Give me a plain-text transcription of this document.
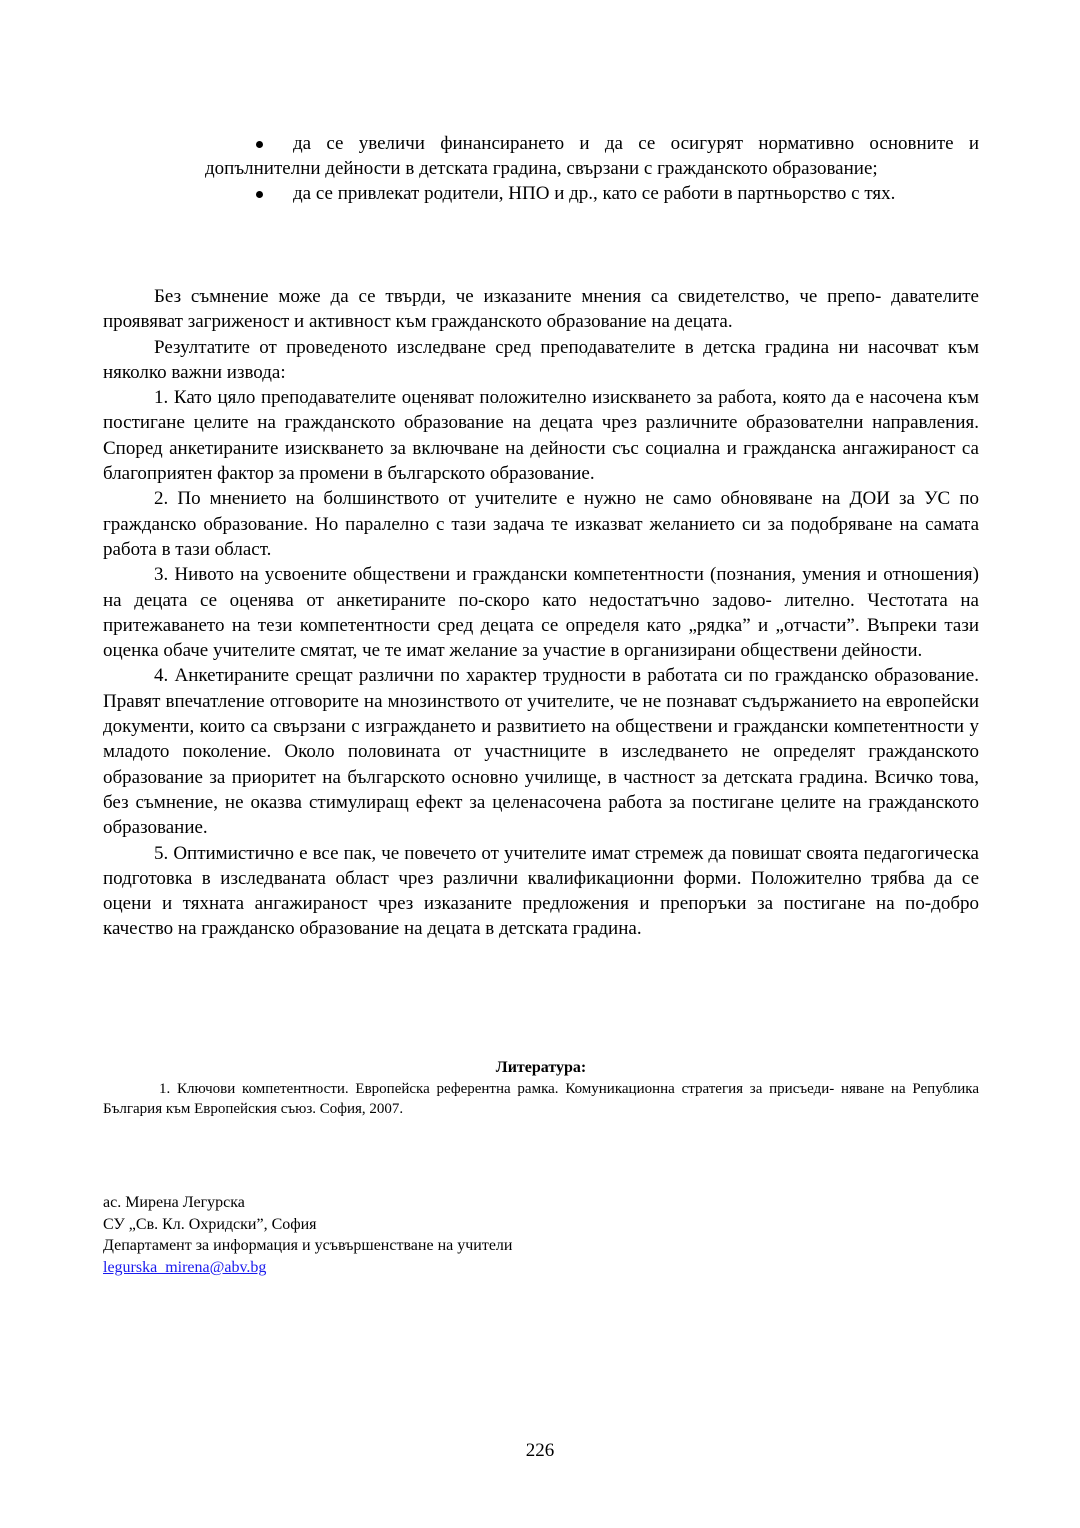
да се увеличи финансирането и да се осигурят нормативно основните и допълнителни дейности в детската градина, свързани с гражданското образование;
да се привлекат родители, НПО и др., като се работи в партньорство с тях.

Без съмнение може да се твърди, че изказаните мнения са свидетелство, че препо- давателите проявяват загриженост и активност към гражданското образование на децата.

Резултатите от проведеното изследване сред преподавателите в детска градина ни насочват към няколко важни извода:

1. Като цяло преподавателите оценяват положително изискването за работа, която да е насочена към постигане целите на гражданското образование на децата чрез различните образователни направления. Според анкетираните изискването за включване на дейности със социална и гражданска ангажираност са благоприятен фактор за промени в българското образование.

2. По мнението на болшинството от учителите е нужно не само обновяване на ДОИ за УС по гражданско образование. Но паралелно с тази задача те изказват желанието си за подобряване на самата работа в тази област.

3. Нивото на усвоените обществени и граждански компетентности (познания, умения и отношения) на децата се оценява от анкетираните по-скоро като недостатъчно задово- лително. Честотата на притежаването на тези компетентности сред децата се определя като „рядка” и „отчасти”. Въпреки тази оценка обаче учителите смятат, че те имат желание за участие в организирани обществени дейности.

4. Анкетираните срещат различни по характер трудности в работата си по гражданско образование. Правят впечатление отговорите на мнозинството от учителите, че не познават съдържанието на европейски документи, които са свързани с изграждането и развитието на обществени и граждански компетентности у младото поколение. Около половината от участниците в изследването не определят гражданското образование за приоритет на българското основно училище, в частност за детската градина. Всичко това, без съмнение, не оказва стимулиращ ефект за целенасочена работа за постигане целите на гражданското образование.

5. Оптимистично е все пак, че повечето от учителите имат стремеж да повишат своята педагогическа подготовка в изследваната област чрез различни квалификационни форми. Положително трябва да се оцени и тяхната ангажираност чрез изказаните предложения и препоръки за постигане на по-добро качество на гражданско образование на децата в детската градина.

Литература:
1. Ключови компетентности. Европейска референтна рамка. Комуникационна стратегия за присъеди- няване на Република България към Европейския съюз. София, 2007.
ас. Мирена Легурска
СУ „Св. Кл. Охридски”, София
Департамент за информация и усъвършенстване на учители
legurska_mirena@abv.bg
226
